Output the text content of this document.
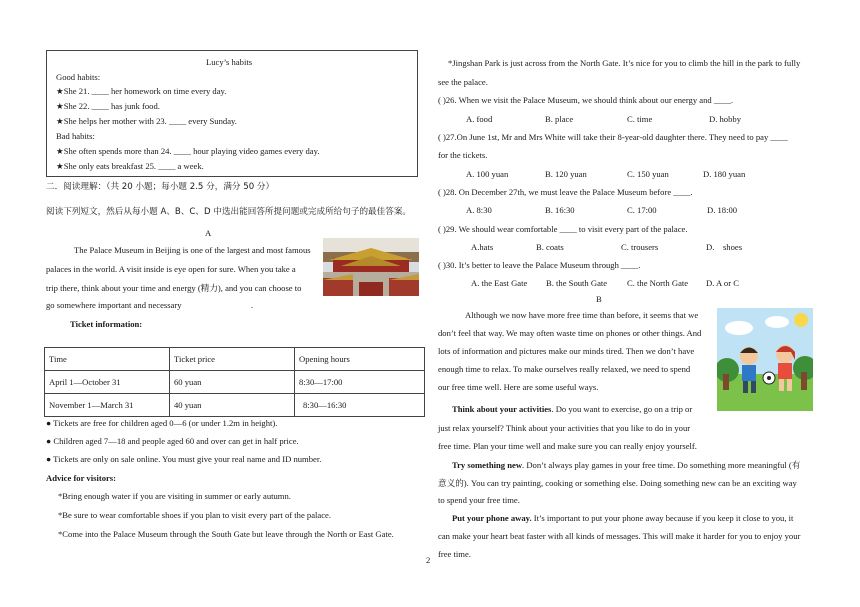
Lucy’s habits
Good habits:
★She 21. ____ her homework on time every day.
★She 22. ____ has junk food.
★She helps her mother with 23. ____ every Sunday.
Bad habits:
★She often spends more than 24. ____ hour playing video games every day.
★She only eats breakfast 25. ____ a week.
二．阅读理解：（共 20 小题；每小题 2.5 分，满分 50 分）
阅读下列短文，然后从每小题 A、B、C、D 中选出能回答所提问题或完成所给句子的最佳答案。
A
The Palace Museum in Beijing is one of the largest and most famous
palaces in the world. A visit inside is eye open for sure. When you take a
trip there, think about your time and energy (精力), and you can choose to
go somewhere important and necessary	.
Ticket information:
Time	Ticket price	Opening hours
April 1—October 31	60 yuan	8:30—17:00
November 1—March 31	40 yuan	8:30—16:30
● Tickets are free for children aged 0—6 (or under 1.2m in height).
● Children aged 7—18 and people aged 60 and over can get in half price.
● Tickets are only on sale online. You must give your real name and ID number.
Advice for visitors:
*Bring enough water if you are visiting in summer or early autumn.
*Be sure to wear comfortable shoes if you plan to visit every part of the palace.
*Come into the Palace Museum through the South Gate but leave through the North or East Gate.
*Jingshan Park is just across from the North Gate. It’s nice for you to climb the hill in the park to fully
see the palace.
( )26. When we visit the Palace Museum, we should think about our energy and ____.
A. food	B. place	C. time	D. hobby
( )27.On June 1st, Mr and Mrs White will take their 8-year-old daughter there. They need to pay ____
for the tickets.
A. 100 yuan	B. 120 yuan	C. 150 yuan	D. 180 yuan
( )28. On December 27th, we must leave the Palace Museum before ____.
A. 8:30	B. 16:30	C. 17:00	D. 18:00
( )29. We should wear comfortable ____ to visit every part of the palace.
A.hats	B. coats	C. trousers	D.    shoes
( )30. It’s better to leave the Palace Museum through ____.
A. the East Gate B. the South Gate C. the North Gate D. A or C
B
Although we now have more free time than before, it seems that we
don’t feel that way. We may often waste time on phones or other things. And
lots of information and pictures make our minds tired. Then we don’t have
enough time to relax. To make ourselves really relaxed, we need to spend
our free time well. Here are some useful ways.
Think about your activities. Do you want to exercise, go on a trip or
just relax yourself? Think about your activities that you like to do in your
free time. Plan your time well and make sure you can really enjoy yourself.
Try something new. Don’t always play games in your free time. Do something more meaningful (有
意义的). You can try painting, cooking or something else. Doing something new can be an exciting way
to spend your free time.
Put your phone away. It’s important to put your phone away because if you keep it close to you, it
can make your heart beat faster with all kinds of messages. This will make it harder for you to enjoy your
free time.
2
